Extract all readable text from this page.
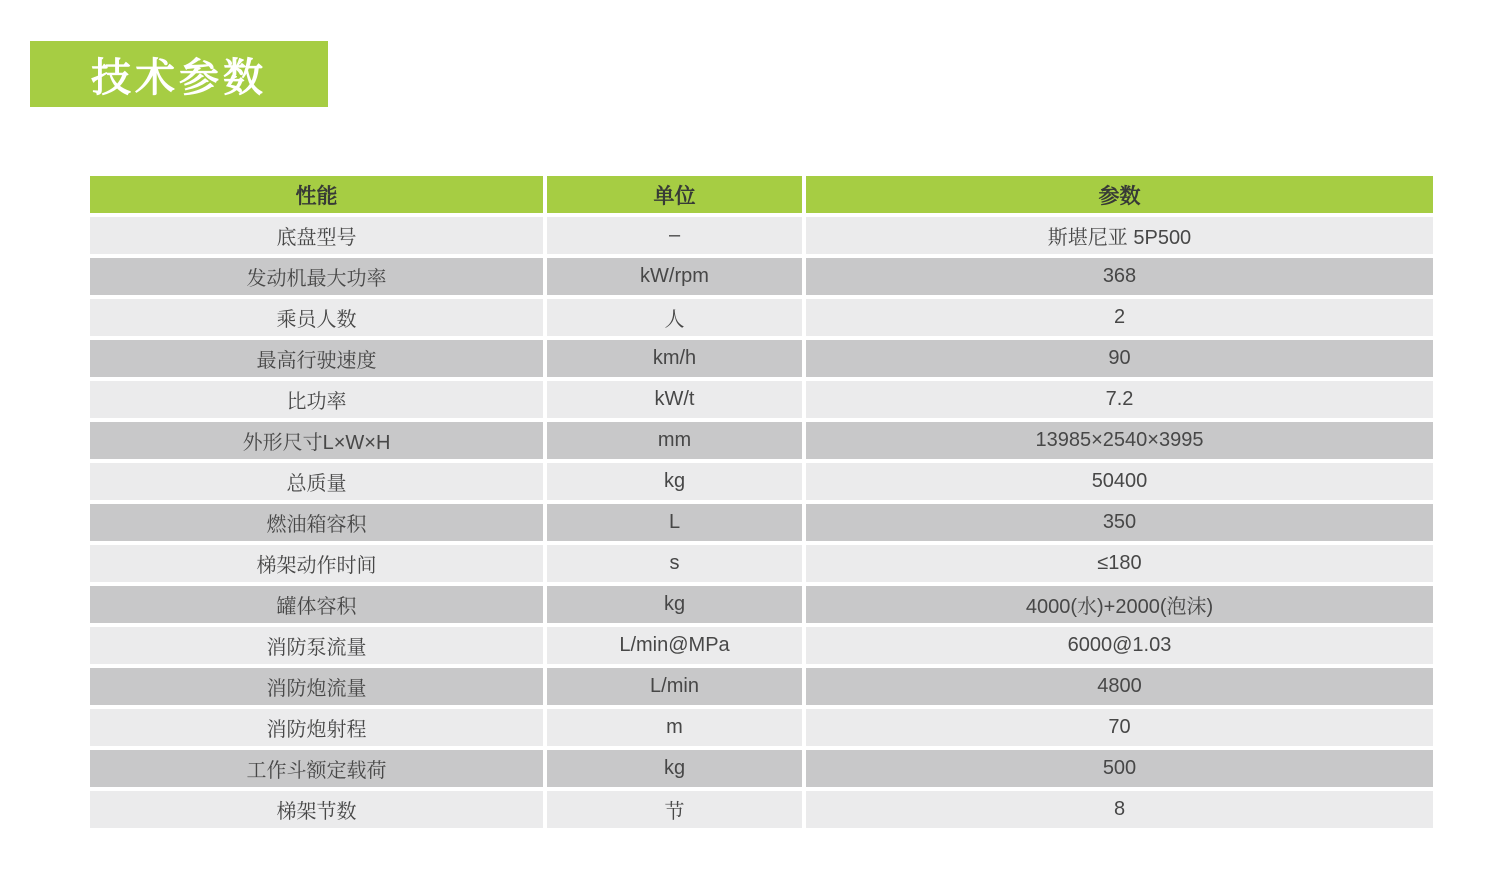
技术参数
性能	单位	参数
底盘型号	–	斯堪尼亚 5P500
发动机最大功率	kW/rpm	368
乘员人数	人	2
最高行驶速度	km/h	90
比功率	kW/t	7.2
外形尺寸L×W×H	mm	13985×2540×3995
总质量	kg	50400
燃油箱容积	L	350
梯架动作时间	s	≤180
罐体容积	kg	4000(水)+2000(泡沫)
消防泵流量	L/min@MPa	6000@1.03
消防炮流量	L/min	4800
消防炮射程	m	70
工作斗额定载荷	kg	500
梯架节数	节	8
